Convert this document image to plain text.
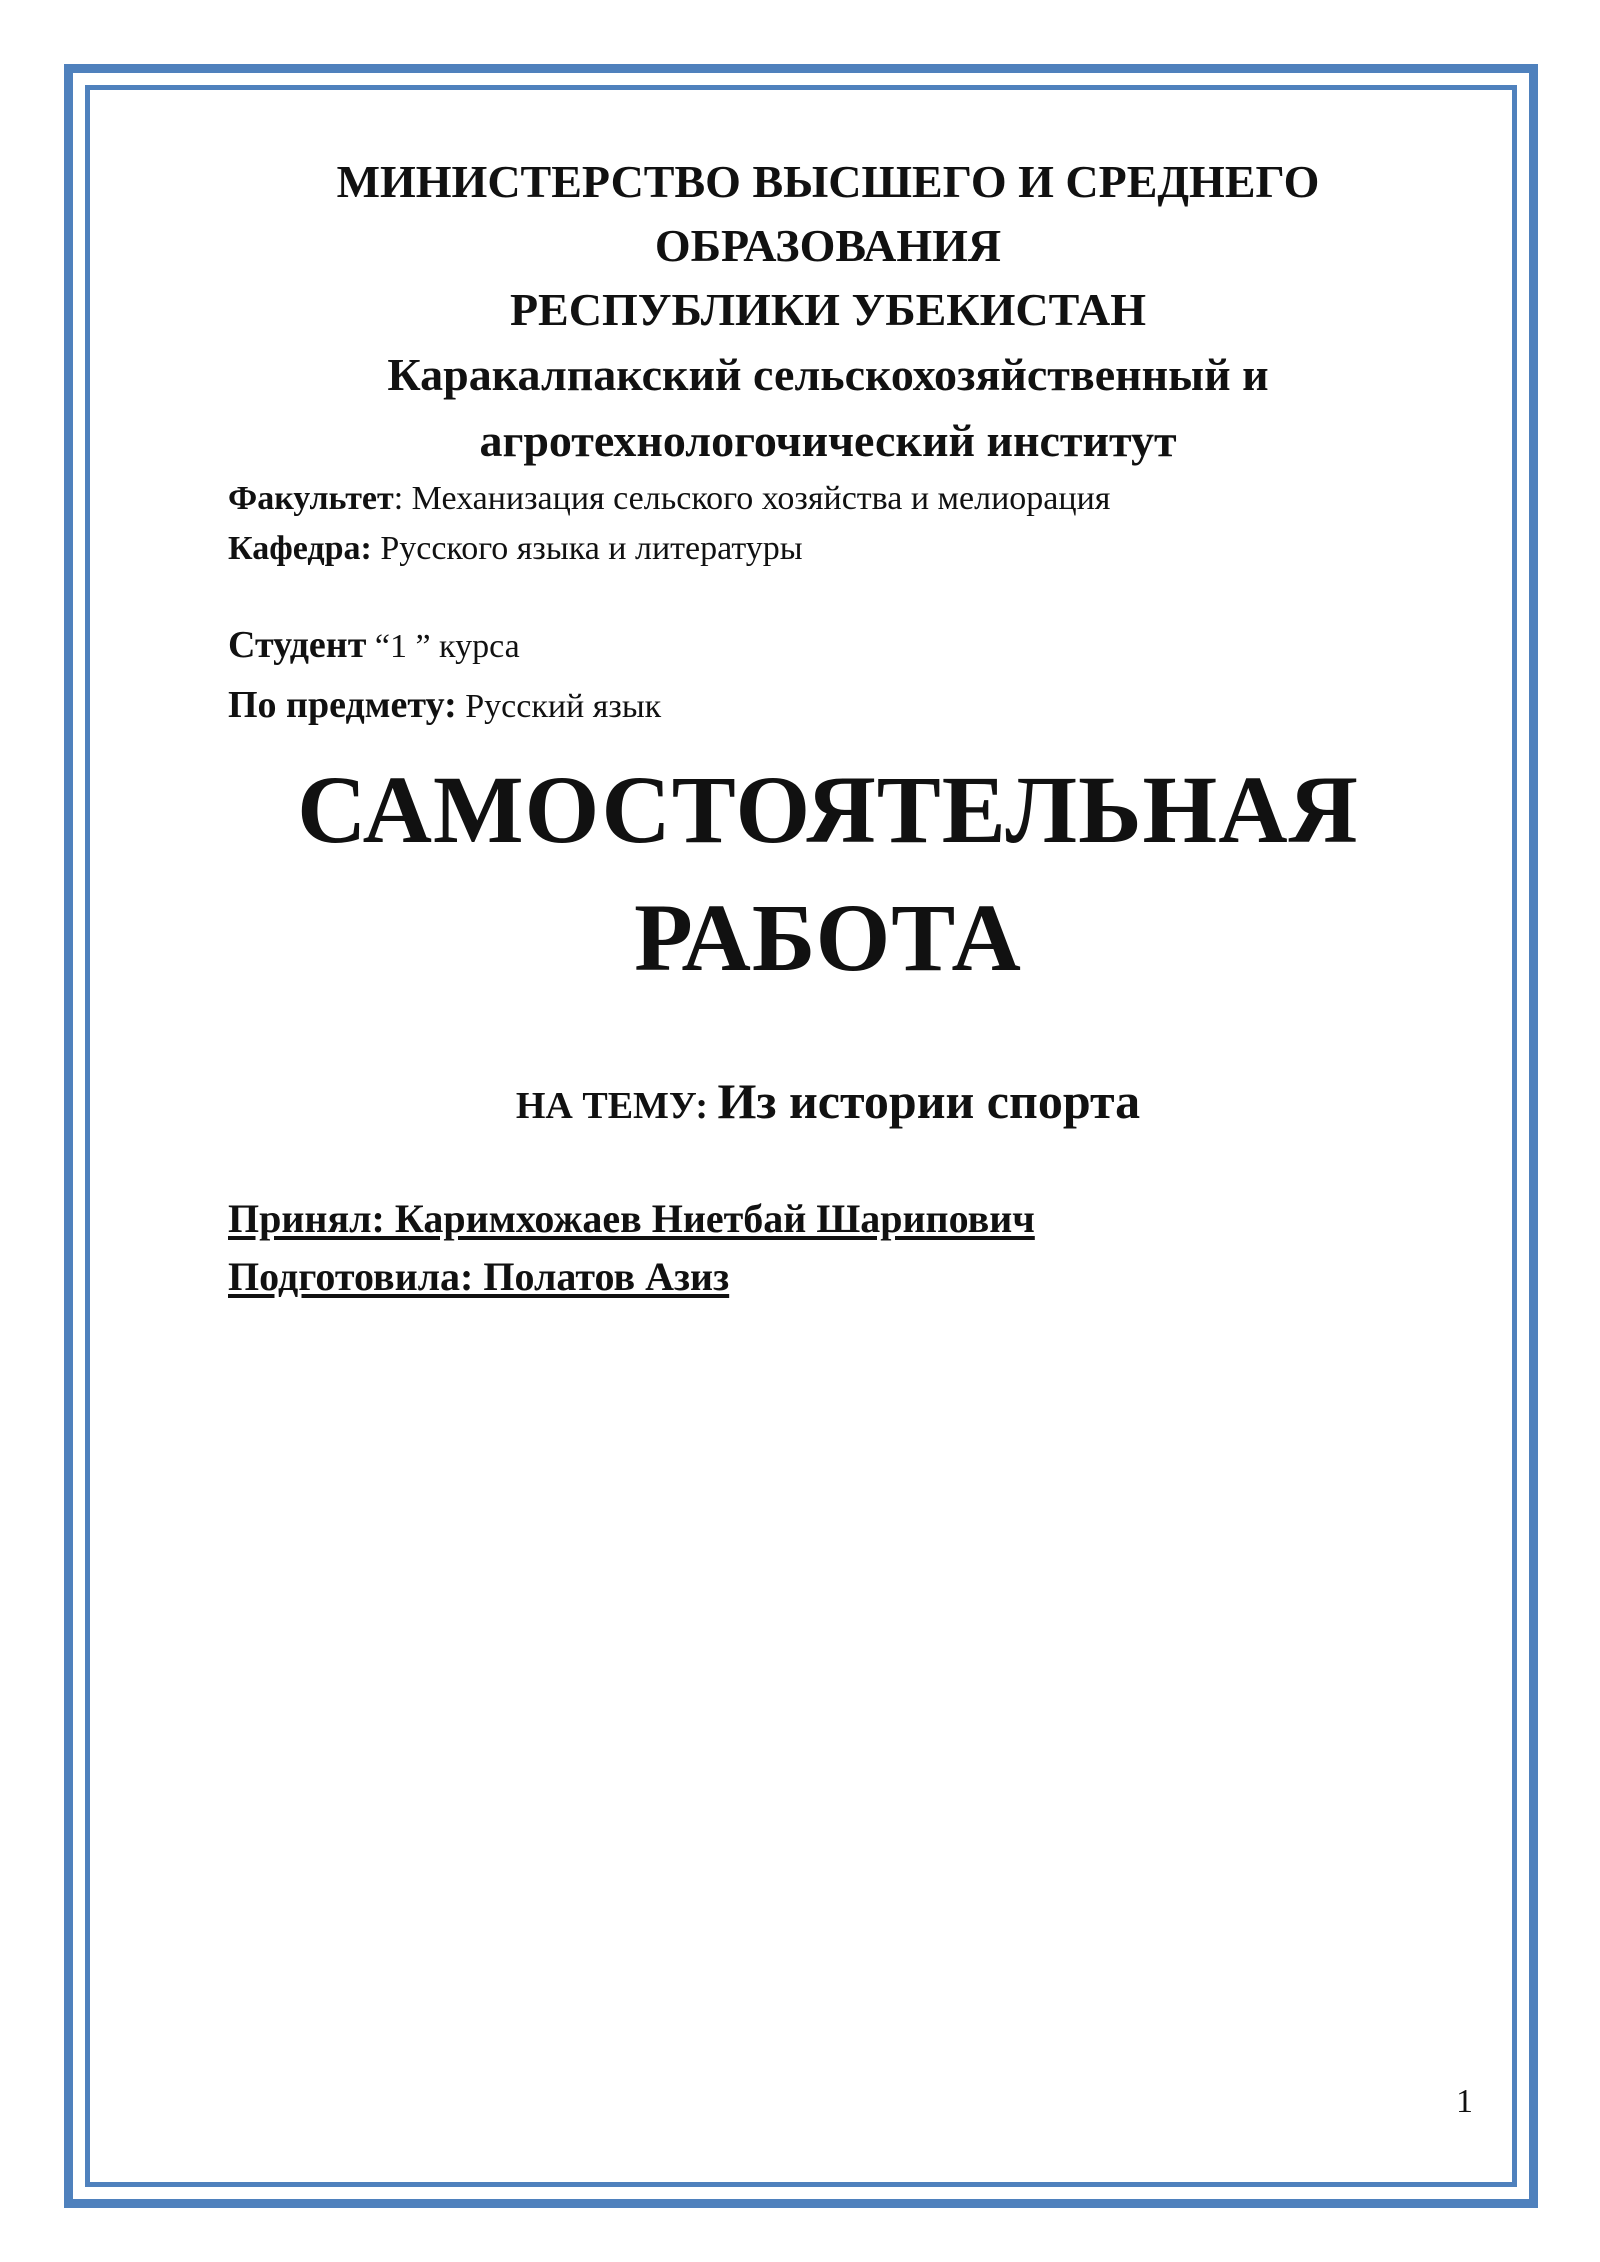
МИНИСТЕРСТВО ВЫСШЕГО И СРЕДНЕГО
ОБРАЗОВАНИЯ
РЕСПУБЛИКИ УБЕКИСТАН
Каракалпакский сельскохозяйственный и
агротехнологочический институт
Факультет: Механизация сельского хозяйства и мелиорация
Кафедра: Русского языка и литературы
Студент “1 ” курса
По предмету: Русский язык
САМОСТОЯТЕЛЬНАЯ
РАБОТА
НА ТЕМУ: Из истории спорта
Принял: Каримхожаев Ниетбай Шарипович
Подготовила: Полатов Азиз
1
